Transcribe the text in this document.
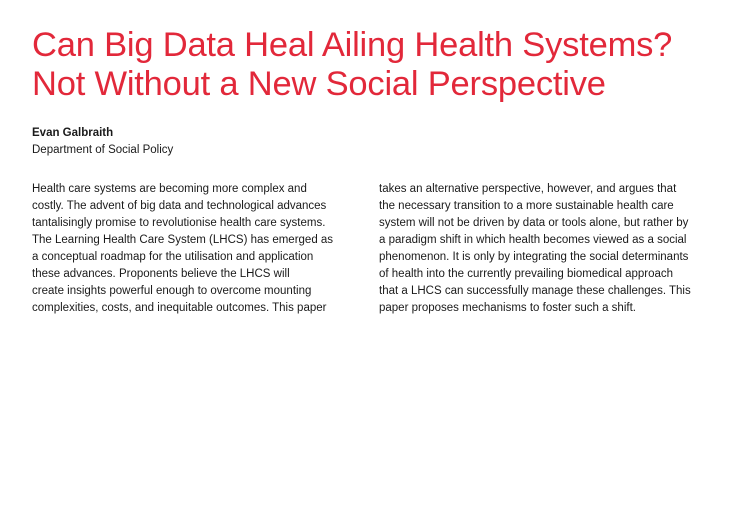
Can Big Data Heal Ailing Health Systems?
Not Without a New Social Perspective

Evan Galbraith

Department of Social Policy

Health care systems are becoming more complex and
costly. The advent of big data and technological advances
tantalisingly promise to revolutionise health care systems.
The Learning Health Care System (LHCS) has emerged as
a conceptual roadmap for the utilisation and application
these advances. Proponents believe the LHCS will
create insights powerful enough to overcome mounting
complexities, costs, and inequitable outcomes. This paper
takes an alternative perspective, however, and argues that
the necessary transition to a more sustainable health care
system will not be driven by data or tools alone, but rather by
a paradigm shift in which health becomes viewed as a social
phenomenon. It is only by integrating the social determinants
of health into the currently prevailing biomedical approach
that a LHCS can successfully manage these challenges. This
paper proposes mechanisms to foster such a shift.
